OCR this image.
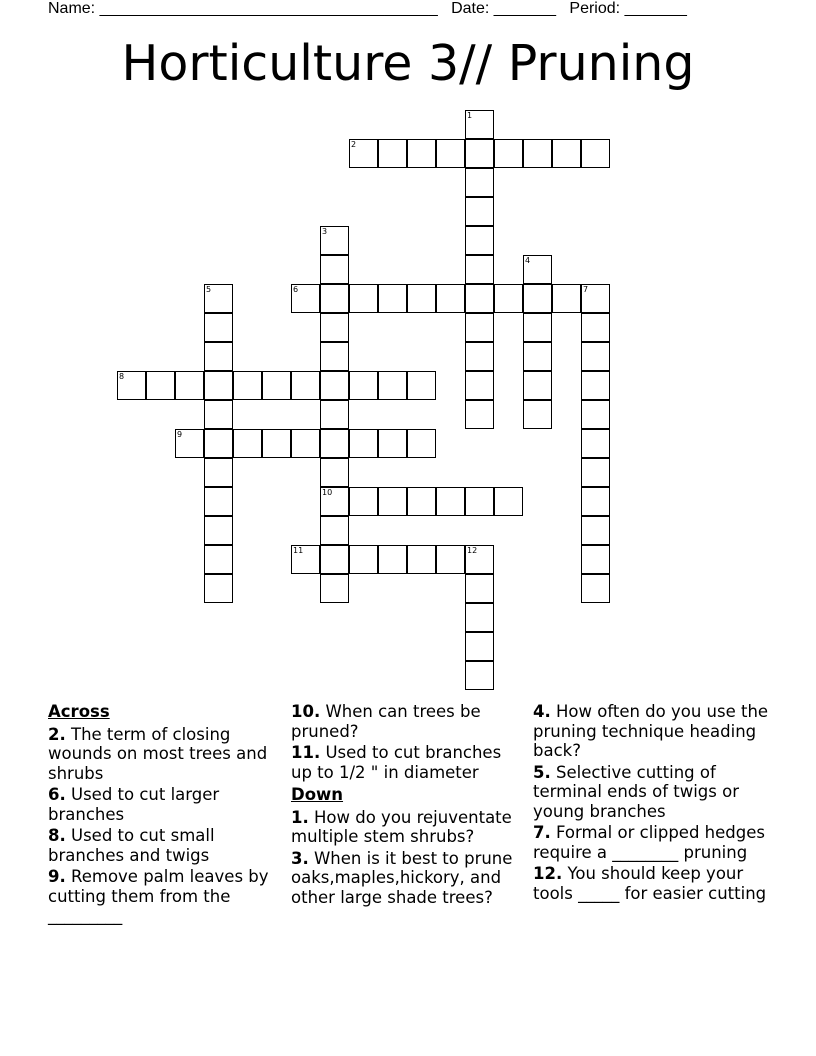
Name: ______________________________________ Date: _______ Period: _______
Horticulture 3// Pruning
1
2
3
10
4
5	6	7
8
9
11	12
Across
2. The term of closing wounds on most trees and shrubs
6. Used to cut larger branches
8. Used to cut small branches and twigs
9. Remove palm leaves by cutting them from the _________
10. When can trees be pruned?
11. Used to cut branches up to 1/2 " in diameter
Down
1. How do you rejuventate multiple stem shrubs?
3. When is it best to prune oaks,maples,hickory, and other large shade trees?
4. How often do you use the pruning technique heading back?
5. Selective cutting of terminal ends of twigs or young branches
7. Formal or clipped hedges require a ________ pruning
12. You should keep your tools _____ for easier cutting
